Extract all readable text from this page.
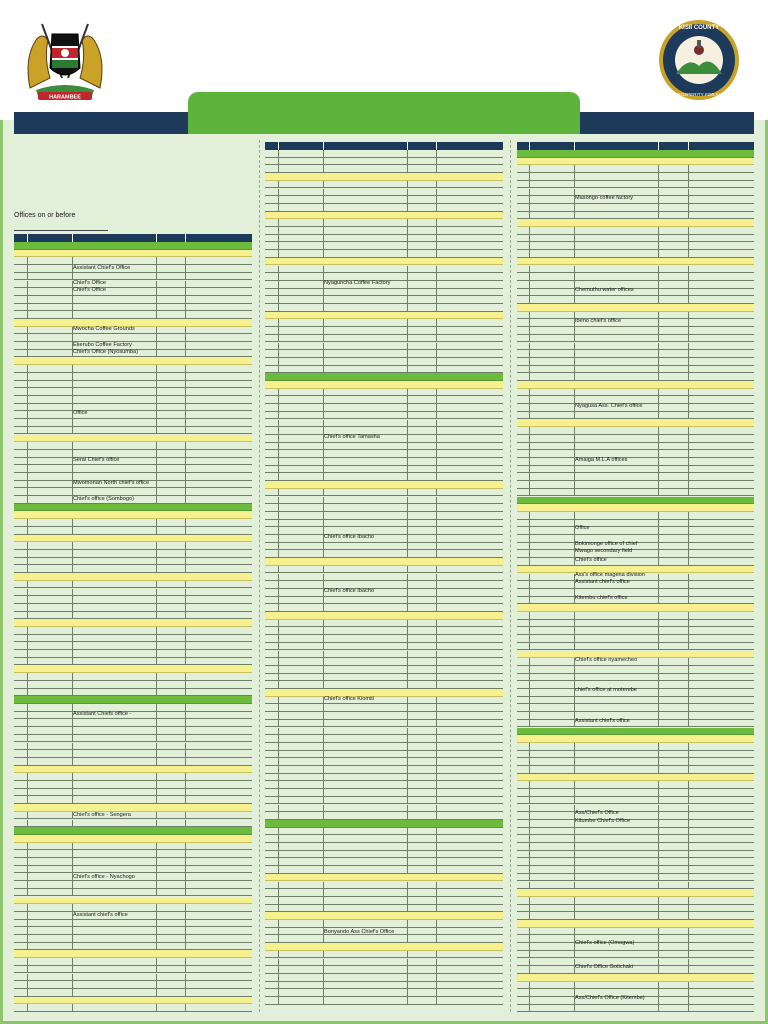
HARAMBEE
KISII COUNTY
PROSPERITY FOR ALL
Offices on or before
Assistant Chief's Office
Chief's Office
Chief's Office
Mwocha Coffee Grounds
Ekerubo Coffee Factory
Chief's Office (Nyosumba)
Office
Serai Chief's office
Mwomonan North chief's office
Chief's office (Sombogo)
Assistant Chiefs office -
Chief's office - Sengera
Chief's office - Nyachogo
Assistant chief's office
Nyaguncha Coffee Factory
Chief's office Tamasha
Chief's office Ibacho
Chief's office Ibacho
Chief's office Kiomiti
Bonyando Ass Chief's Office
Masongo coffee factory
Chemuthu water offices
Ibeno chief's office
Nyagusa Ass. Chief's office
Amaiga M.L.A offices
Office
Bokimonge office of chief
Mwago secondary field
Chief's office
Ass's office magena division
Assistant chief's office
Kitembu chief's office
Chief's office nyamecheo
chief's office at moterebe
Assistant chief's office
Ass/Chief's Office
Kitumbe Chief's Office
Chief's office (Omogwa)
Chief's Office Gotichaki
Ass/Chief's Office (Kitembe)
